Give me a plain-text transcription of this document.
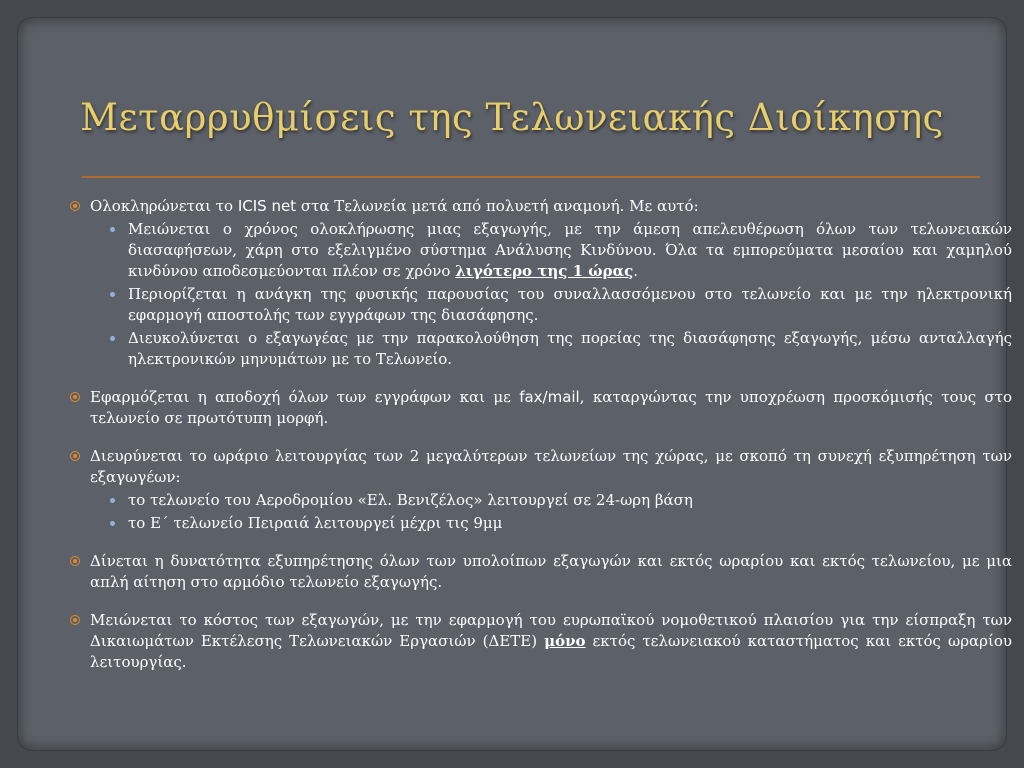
Μεταρρυθμίσεις της Τελωνειακής Διοίκησης
Ολοκληρώνεται το ICIS net στα Τελωνεία μετά από πολυετή αναμονή. Με αυτό:
Μειώνεται ο χρόνος ολοκλήρωσης μιας εξαγωγής, με την άμεση απελευθέρωση όλων των τελωνειακών διασαφήσεων, χάρη στο εξελιγμένο σύστημα Ανάλυσης Κινδύνου. Όλα τα εμπορεύματα μεσαίου και χαμηλού κινδύνου αποδεσμεύονται πλέον σε χρόνο λιγότερο της 1 ώρας.
Περιορίζεται η ανάγκη της φυσικής παρουσίας του συναλλασσόμενου στο τελωνείο και με την ηλεκτρονική εφαρμογή αποστολής των εγγράφων της διασάφησης.
Διευκολύνεται ο εξαγωγέας με την παρακολούθηση της πορείας της διασάφησης εξαγωγής, μέσω ανταλλαγής ηλεκτρονικών μηνυμάτων με το Τελωνείο.
Εφαρμόζεται η αποδοχή όλων των εγγράφων και με fax/mail, καταργώντας την υποχρέωση προσκόμισής τους στο τελωνείο σε πρωτότυπη μορφή.
Διευρύνεται το ωράριο λειτουργίας των 2 μεγαλύτερων τελωνείων της χώρας, με σκοπό τη συνεχή εξυπηρέτηση των εξαγωγέων:
το τελωνείο του Αεροδρομίου «Ελ. Βενιζέλος» λειτουργεί σε 24-ωρη βάση
το Ε΄ τελωνείο Πειραιά λειτουργεί μέχρι τις 9μμ
Δίνεται η δυνατότητα εξυπηρέτησης όλων των υπολοίπων εξαγωγών και εκτός ωραρίου και εκτός τελωνείου, με μια απλή αίτηση στο αρμόδιο τελωνείο εξαγωγής.
Μειώνεται το κόστος των εξαγωγών, με την εφαρμογή του ευρωπαϊκού νομοθετικού πλαισίου για την είσπραξη των Δικαιωμάτων Εκτέλεσης Τελωνειακών Εργασιών (ΔΕΤΕ) μόνο εκτός τελωνειακού καταστήματος και εκτός ωραρίου λειτουργίας.
